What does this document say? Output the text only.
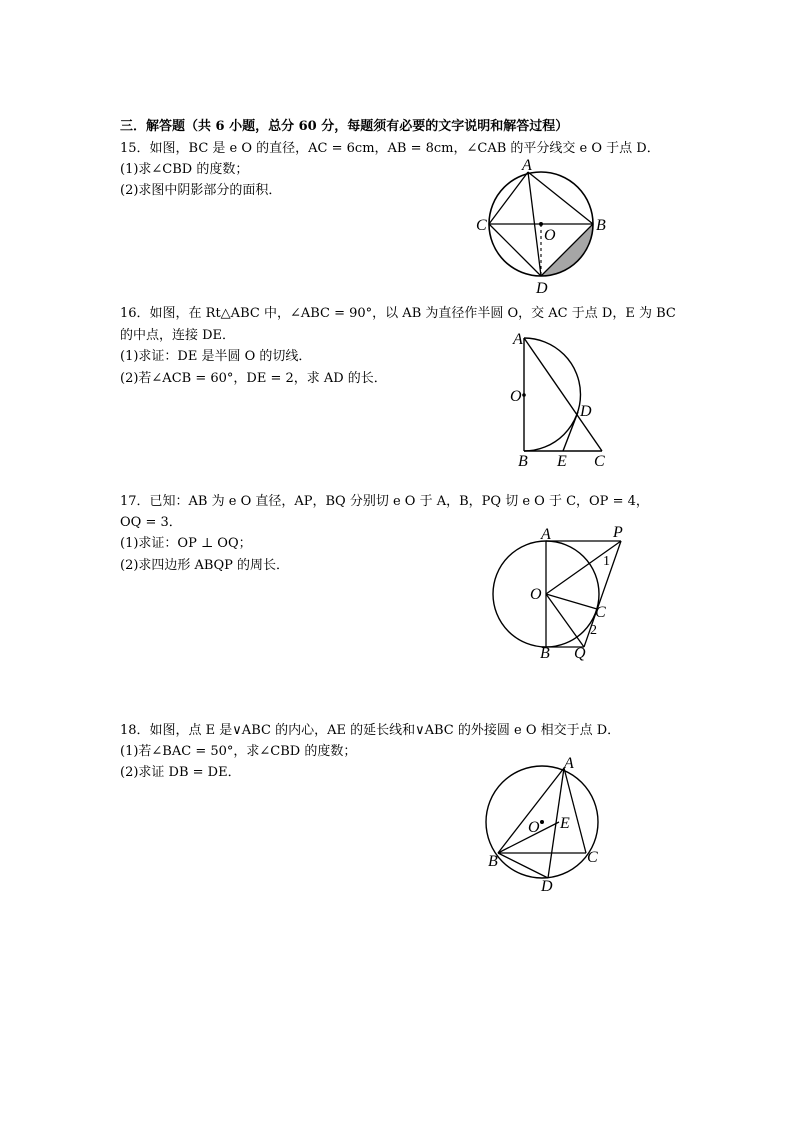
三．解答题（共 6 小题，总分 60 分，每题须有必要的文字说明和解答过程）
15．如图，BC 是 e O 的直径，AC = 6cm，AB = 8cm，∠CAB 的平分线交 e O 于点 D．
(1)求∠CBD 的度数；
(2)求图中阴影部分的面积．
A
B
C
D
O
16．如图，在 Rt△ABC 中，∠ABC = 90°，以 AB 为直径作半圆 O，交 AC 于点 D，E 为 BC
的中点，连接 DE．
(1)求证：DE 是半圆 O 的切线．
(2)若∠ACB = 60°，DE = 2，求 AD 的长．
A
O
D
B E C
17．已知：AB 为 e O 直径，AP，BQ 分别切 e O 于 A，B，PQ 切 e O 于 C，OP = 4，
OQ = 3．
(1)求证：OP ⊥ OQ；
(2)求四边形 ABQP 的周长．
A	P
1
O
C
2
B Q
18．如图，点 E 是∨ABC 的内心，AE 的延长线和∨ABC 的外接圆 e O 相交于点 D．
(1)若∠BAC = 50°，求∠CBD 的度数；
(2)求证 DB = DE．
A
O E
B	C
D
